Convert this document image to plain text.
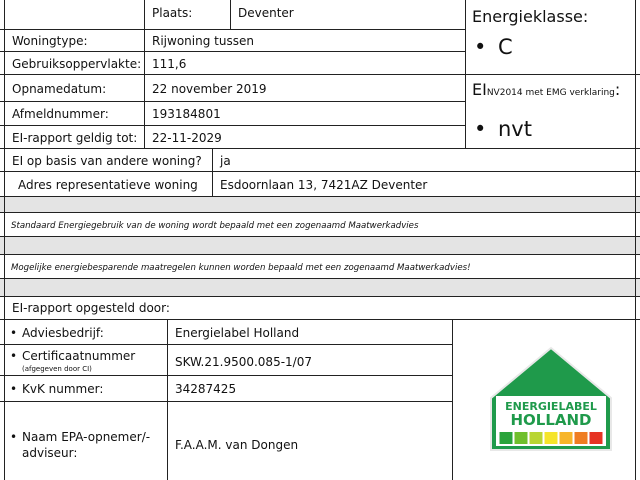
Plaats:	Deventer
Woningtype:	Rijwoning tussen
Gebruiksoppervlakte: 111,6
Opnamedatum:	22 november 2019
Afmeldnummer:	193184801
EI-rapport geldig tot: 22-11-2029
Energieklasse:
• C
EINV2014 met EMG verklaring:
• nvt
EI op basis van andere woning? ja
Adres representatieve woning Esdoornlaan 13, 7421AZ Deventer
Standaard Energiegebruik van de woning wordt bepaald met een zogenaamd Maatwerkadvies
Mogelijke energiebesparende maatregelen kunnen worden bepaald met een zogenaamd Maatwerkadvies!
EI-rapport opgesteld door:
• Adviesbedrijf:	Energielabel Holland
• Certificaatnummer
(afgegeven door CI)	SKW.21.9500.085-1/07
• KvK nummer:	34287425
• Naam EPA-opnemer/-
adviseur:
F.A.A.M. van Dongen
ENERGIELABEL
HOLLAND
